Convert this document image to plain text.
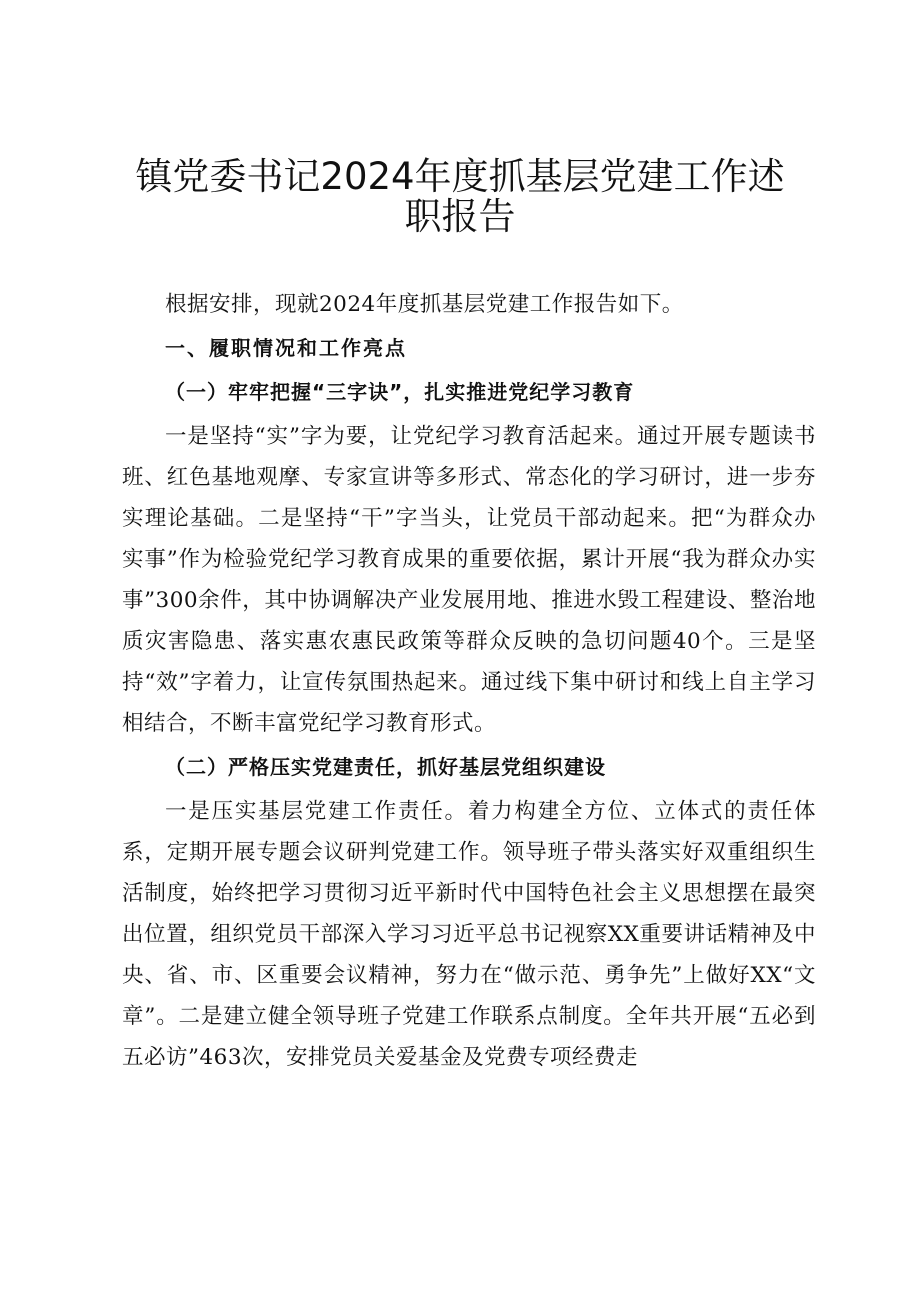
镇党委书记2024年度抓基层党建工作述职报告

根据安排，现就2024年度抓基层党建工作报告如下。

一、履职情况和工作亮点

（一）牢牢把握“三字诀”，扎实推进党纪学习教育

一是坚持“实”字为要，让党纪学习教育活起来。通过开展专题读书班、红色基地观摩、专家宣讲等多形式、常态化的学习研讨，进一步夯实理论基础。二是坚持“干”字当头，让党员干部动起来。把“为群众办实事”作为检验党纪学习教育成果的重要依据，累计开展“我为群众办实事”300余件，其中协调解决产业发展用地、推进水毁工程建设、整治地质灾害隐患、落实惠农惠民政策等群众反映的急切问题40个。三是坚持“效”字着力，让宣传氛围热起来。通过线下集中研讨和线上自主学习相结合，不断丰富党纪学习教育形式。

（二）严格压实党建责任，抓好基层党组织建设

一是压实基层党建工作责任。着力构建全方位、立体式的责任体系，定期开展专题会议研判党建工作。领导班子带头落实好双重组织生活制度，始终把学习贯彻习近平新时代中国特色社会主义思想摆在最突出位置，组织党员干部深入学习习近平总书记视察XX重要讲话精神及中央、省、市、区重要会议精神，努力在“做示范、勇争先”上做好XX“文章”。二是建立健全领导班子党建工作联系点制度。全年共开展“五必到五必访”463次，安排党员关爱基金及党费专项经费走
